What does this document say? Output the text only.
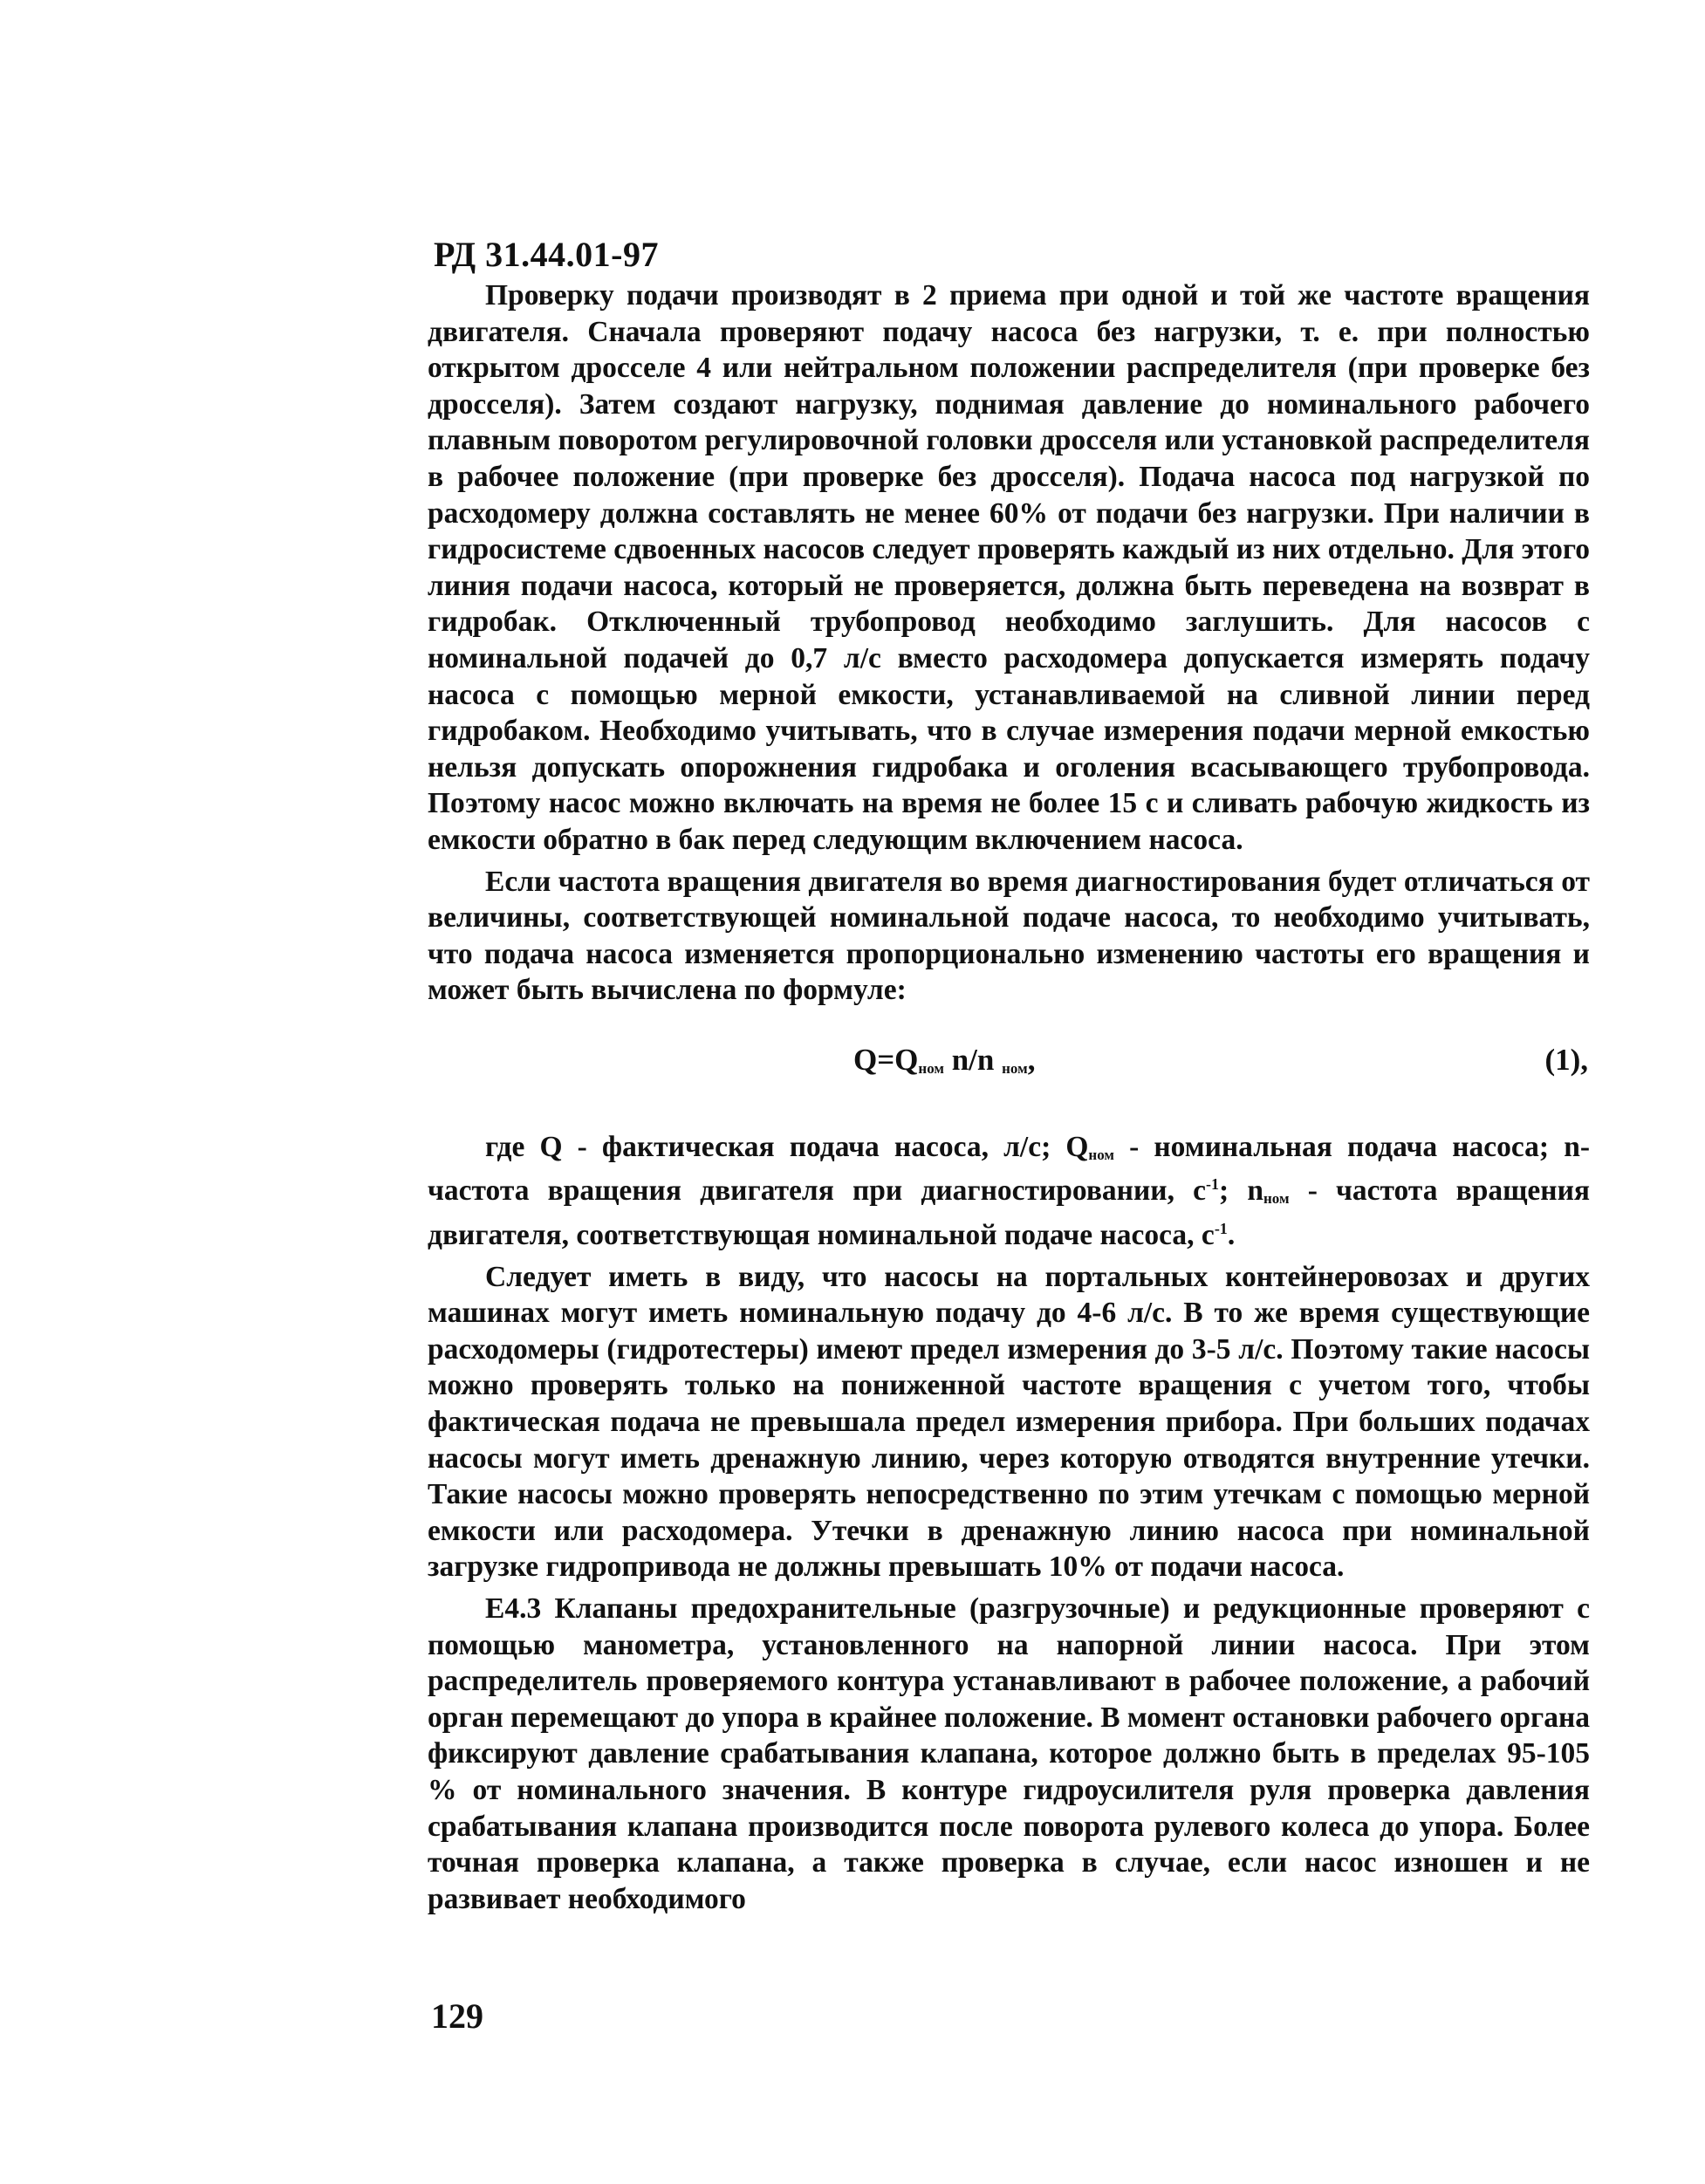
РД 31.44.01-97

Проверку подачи производят в 2 приема при одной и той же частоте вращения двигателя. Сначала проверяют подачу насоса без нагрузки, т. е. при полностью открытом дросселе 4 или нейтральном положении распределителя (при проверке без дросселя). Затем создают нагрузку, поднимая давление до номинального рабочего плавным поворотом регулировочной головки дросселя или установкой распределителя в рабочее положение (при проверке без дросселя). Подача насоса под нагрузкой по расходомеру должна составлять не менее 60% от подачи без нагрузки. При наличии в гидросистеме сдвоенных насосов следует проверять каждый из них отдельно. Для этого линия подачи насоса, который не проверяется, должна быть переведена на возврат в гидробак. Отключенный трубопровод необходимо заглушить. Для насосов с номинальной подачей до 0,7 л/с вместо расходомера допускается измерять подачу насоса с помощью мерной емкости, устанавливаемой на сливной линии перед гидробаком. Необходимо учитывать, что в случае измерения подачи мерной емкостью нельзя допускать опорожнения гидробака и оголения всасывающего трубопровода. Поэтому насос можно включать на время не более 15 с и сливать рабочую жидкость из емкости обратно в бак перед следующим включением насоса.

Если частота вращения двигателя во время диагностирования будет отличаться от величины, соответствующей номинальной подаче насоса, то необходимо учитывать, что подача насоса изменяется пропорционально изменению частоты его вращения и может быть вычислена по формуле:

$Q=Q_{ном}$ n/n $_{ном}$,	(1),

где Q - фактическая подача насоса, л/с; $Q_{ном}$ - номинальная подача насоса; n-частота вращения двигателя при диагностировании, $с^{-1}$; $n_{ном}$ - частота вращения двигателя, соответствующая номинальной подаче насоса, $с^{-1}$.

Следует иметь в виду, что насосы на портальных контейнеровозах и других машинах могут иметь номинальную подачу до 4-6 л/с. В то же время существующие расходомеры (гидротестеры) имеют предел измерения до 3-5 л/с. Поэтому такие насосы можно проверять только на пониженной частоте вращения с учетом того, чтобы фактическая подача не превышала предел измерения прибора. При больших подачах насосы могут иметь дренажную линию, через которую отводятся внутренние утечки. Такие насосы можно проверять непосредственно по этим утечкам с помощью мерной емкости или расходомера. Утечки в дренажную линию насоса при номинальной загрузке гидропривода не должны превышать 10% от подачи насоса.

Е4.3 Клапаны предохранительные (разгрузочные) и редукционные проверяют с помощью манометра, установленного на напорной линии насоса. При этом распределитель проверяемого контура устанавливают в рабочее положение, а рабочий орган перемещают до упора в крайнее положение. В момент остановки рабочего органа фиксируют давление срабатывания клапана, которое должно быть в пределах 95-105 % от номинального значения. В контуре гидроусилителя руля проверка давления срабатывания клапана производится после поворота рулевого колеса до упора. Более точная проверка клапана, а также проверка в случае, если насос изношен и не развивает необходимого

129
